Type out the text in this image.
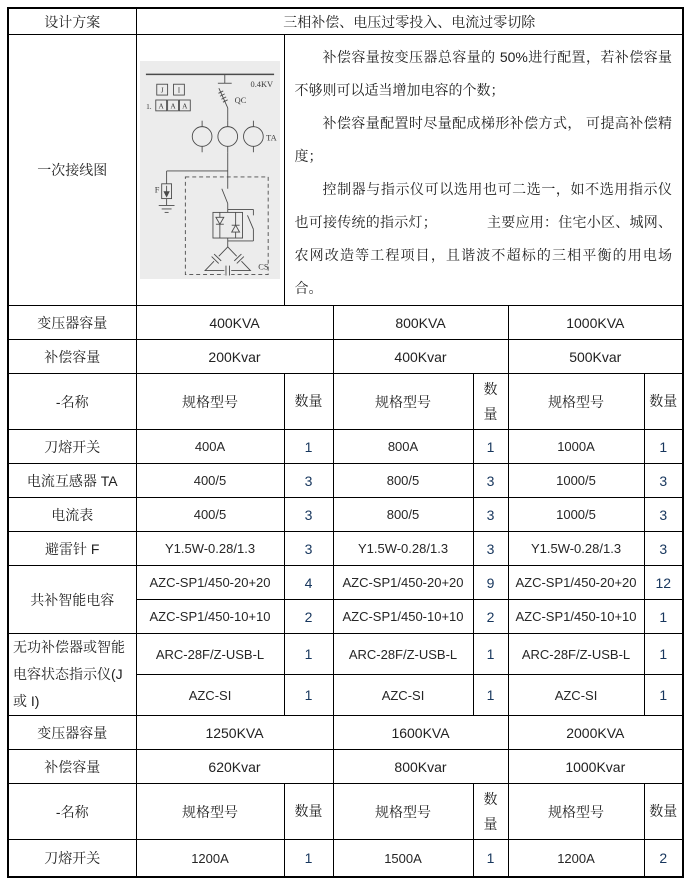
设计方案	三相补偿、电压过零投入、电流过零切除					
一次接线图	
0.4KV
J I
1. A A A
QC
TA
F
CS

补偿容量按变压器总容量的 50%进行配置，若补偿容量不够则可以适当增加电容的个数；

补偿容量配置时尽量配成梯形补偿方式， 可提高补偿精度；

控制器与指示仪可以选用也可二选一，如不选用指示仪也可接传统的指示灯；　　　　主要应用：住宅小区、城网、农网改造等工程项目，且谐波不超标的三相平衡的用电场合。

变压器容量	400KVA		800KVA		1000KVA	
补偿容量	200Kvar		400Kvar		500Kvar	
-名称	规格型号	数量	规格型号	数量	规格型号	数量
刀熔开关	400A	1	800A	1	1000A	1
电流互感器 TA	400/5	3	800/5	3	1000/5	3
电流表	400/5	3	800/5	3	1000/5	3
避雷针 F	Y1.5W-0.28/1.3	3	Y1.5W-0.28/1.3	3	Y1.5W-0.28/1.3	3
共补智能电容	AZC-SP1/450-20+20	4	AZC-SP1/450-20+20	9	AZC-SP1/450-20+20	12
	AZC-SP1/450-10+10	2	AZC-SP1/450-10+10	2	AZC-SP1/450-10+10	1
无功补偿器或智能电容状态指示仪(J 或 I)	ARC-28F/Z-USB-L	1	ARC-28F/Z-USB-L	1	ARC-28F/Z-USB-L	1
	AZC-SI	1	AZC-SI	1	AZC-SI	1
变压器容量	1250KVA		1600KVA		2000KVA	
补偿容量	620Kvar		800Kvar		1000Kvar	
-名称	规格型号	数量	规格型号	数量	规格型号	数量
刀熔开关	1200A	1	1500A	1	1200A	2
